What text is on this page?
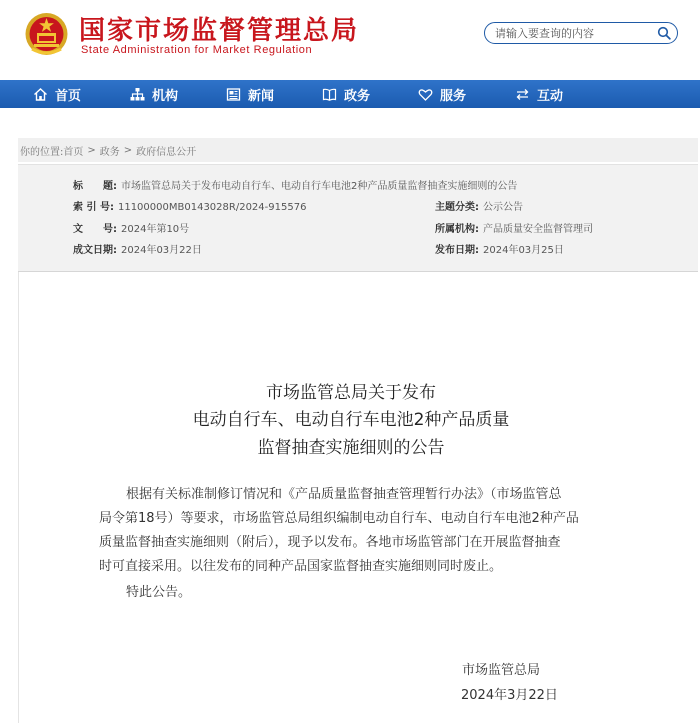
国家市场监督管理总局
State Administration for Market Regulation
请输入要查询的内容
首页	机构	新闻	政务	服务	互动
你的位置: 首页 > 政务 > 政府信息公开
标　　题: 市场监管总局关于发布电动自行车、电动自行车电池2种产品质量监督抽查实施细则的公告
索 引 号: 11100000MB0143028R/2024-915576	主题分类: 公示公告
文　　号: 2024年第10号	所属机构: 产品质量安全监督管理司
成文日期: 2024年03月22日	发布日期: 2024年03月25日
市场监管总局关于发布
电动自行车、电动自行车电池2种产品质量
监督抽查实施细则的公告
根据有关标准制修订情况和《产品质量监督抽查管理暂行办法》（市场监管总
局令第18号）等要求，市场监管总局组织编制电动自行车、电动自行车电池2种产品
质量监督抽查实施细则（附后），现予以发布。各地市场监管部门在开展监督抽查
时可直接采用。以往发布的同种产品国家监督抽查实施细则同时废止。
特此公告。
市场监管总局
2024年3月22日
